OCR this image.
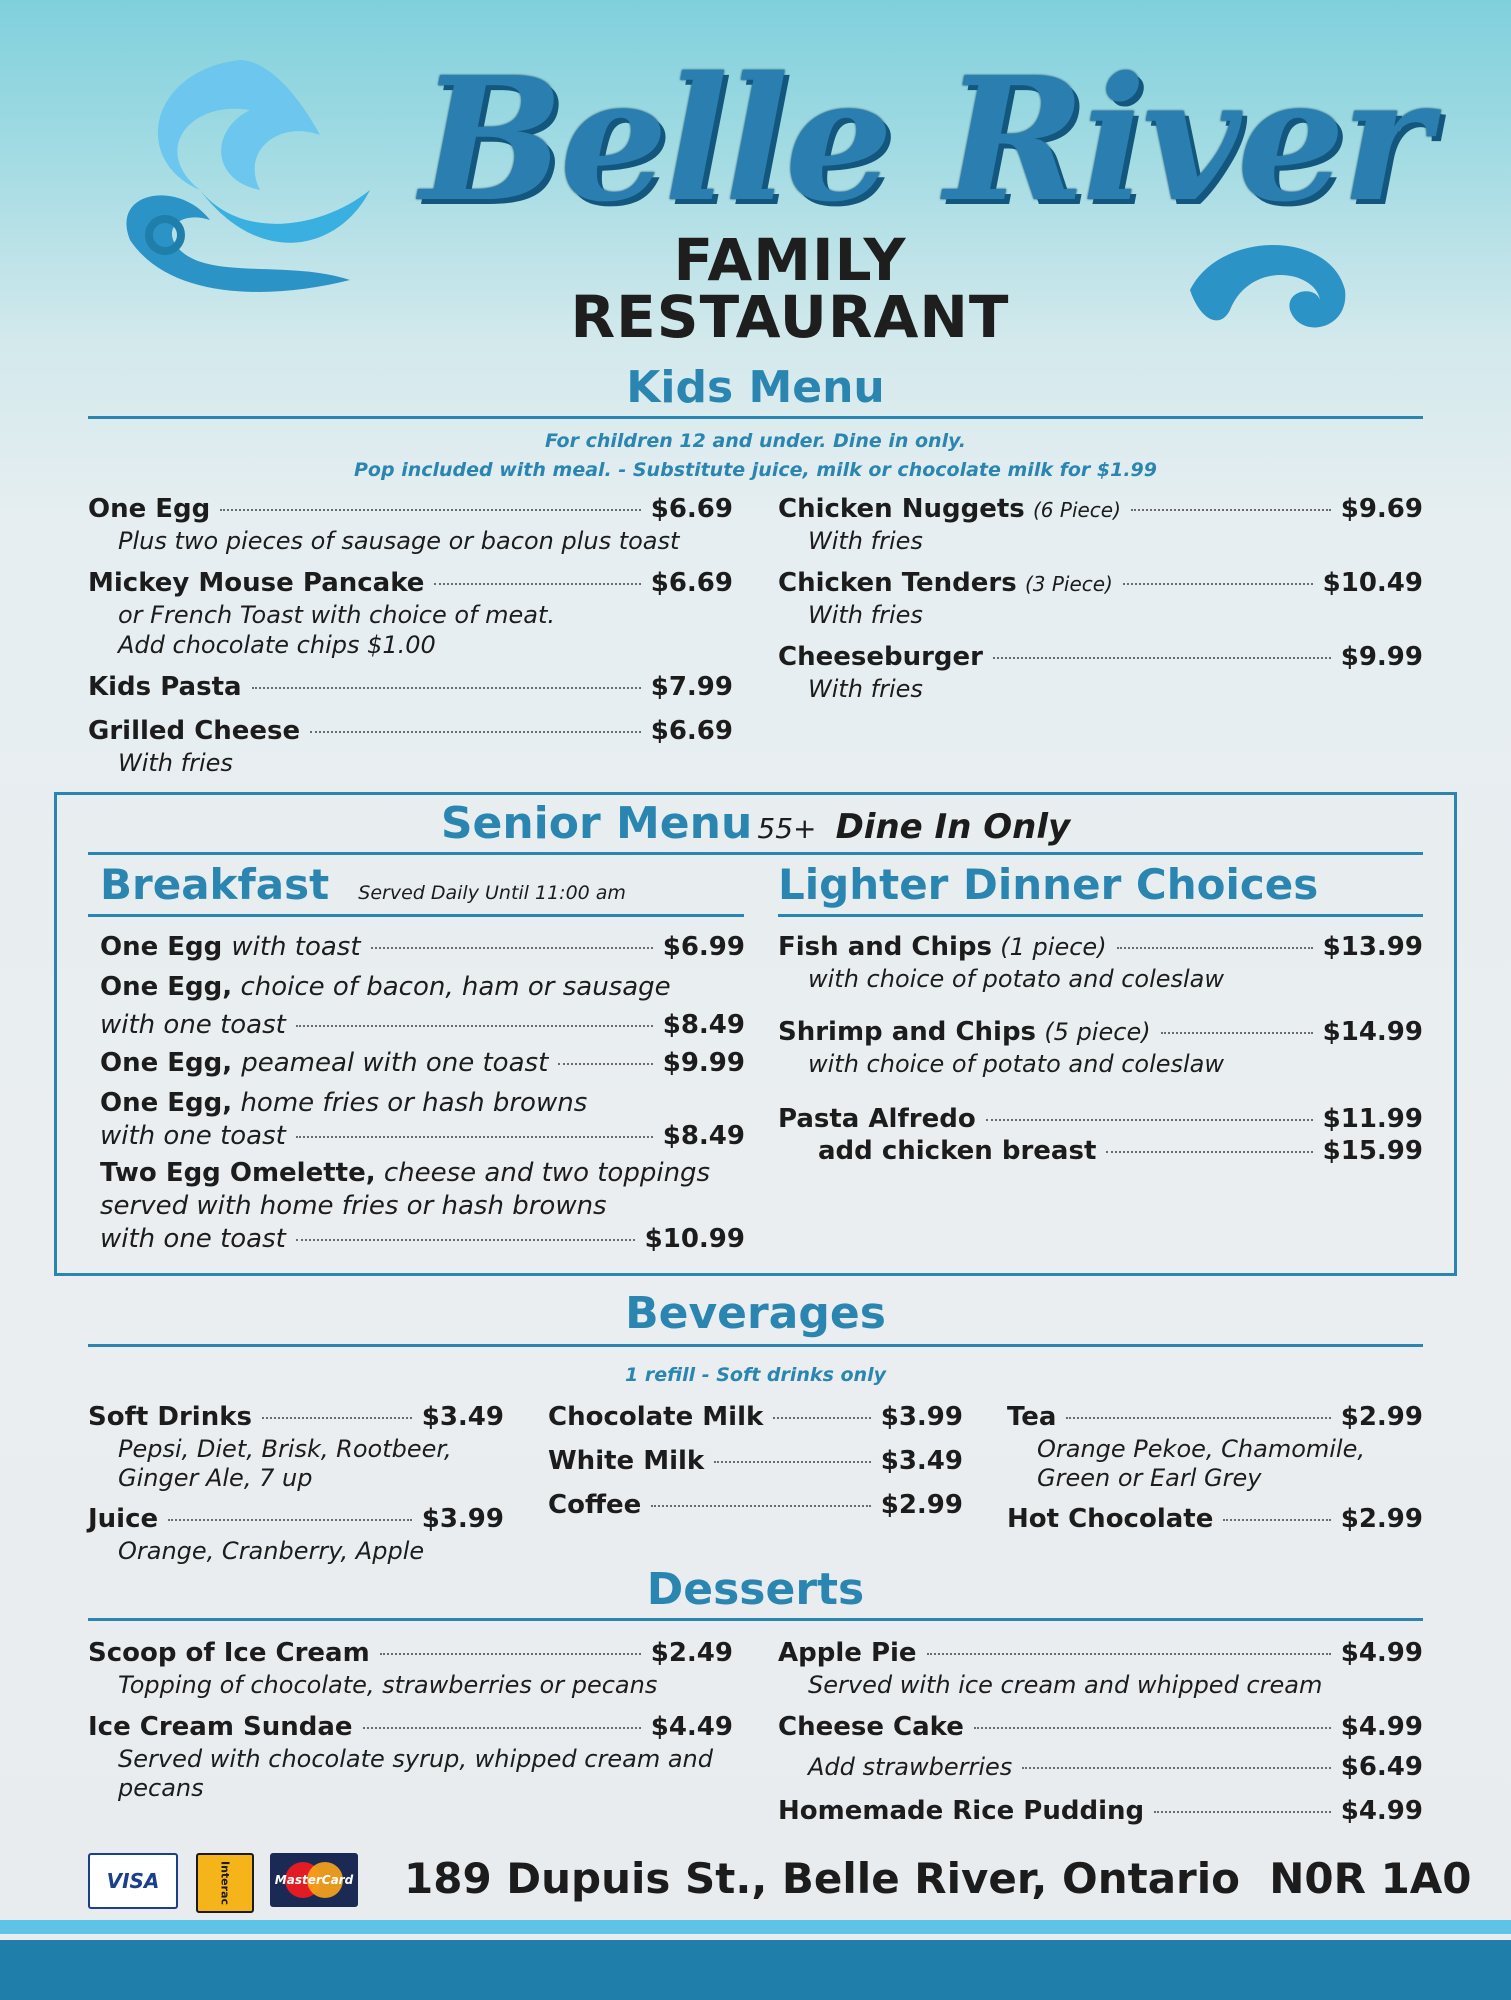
Belle River
FAMILY
RESTAURANT
Kids Menu
For children 12 and under. Dine in only.
Pop included with meal. - Substitute juice, milk or chocolate milk for $1.99
One Egg	$6.69
Plus two pieces of sausage or bacon plus toast
Mickey Mouse Pancake	$6.69
or French Toast with choice of meat.
Add chocolate chips $1.00
Kids Pasta	$7.99
Grilled Cheese	$6.69
With fries
Chicken Nuggets
(6 Piece)	$9.69
With fries
Chicken Tenders
(3 Piece)	$10.49
With fries
Cheeseburger	$9.99
With fries
Senior Menu 55+ Dine In Only
Breakfast Served Daily Until 11:00 am
One Egg with toast	$6.99
One Egg, choice of bacon, ham or sausage
with one toast	$8.49
One Egg, peameal with one toast	$9.99
One Egg, home fries or hash browns
with one toast	$8.49
Two Egg Omelette, cheese and two toppings
served with home fries or hash browns
with one toast	$10.99
Lighter Dinner Choices
Fish and Chips
(1 piece)	$13.99
with choice of potato and coleslaw
Shrimp and Chips
(5 piece)	$14.99
with choice of potato and coleslaw
Pasta Alfredo	$11.99
add chicken breast	$15.99
Beverages
1 refill - Soft drinks only
Soft Drinks	$3.49
Pepsi, Diet, Brisk, Rootbeer,
Ginger Ale, 7 up
Juice	$3.99
Orange, Cranberry, Apple
Chocolate Milk	$3.99
White Milk	$3.49
Coffee	$2.99
Tea	$2.99
Orange Pekoe, Chamomile,
Green or Earl Grey
Hot Chocolate	$2.99
Desserts
Scoop of Ice Cream	$2.49
Topping of chocolate, strawberries or pecans
Ice Cream Sundae	$4.49
Served with chocolate syrup, whipped cream and
pecans
Apple Pie	$4.99
Served with ice cream and whipped cream
Cheese Cake	$4.99
Add strawberries	$6.49
Homemade Rice Pudding	$4.99
VISA	Interac	MasterCard 189 Dupuis St., Belle River, Ontario  N0R 1A0
